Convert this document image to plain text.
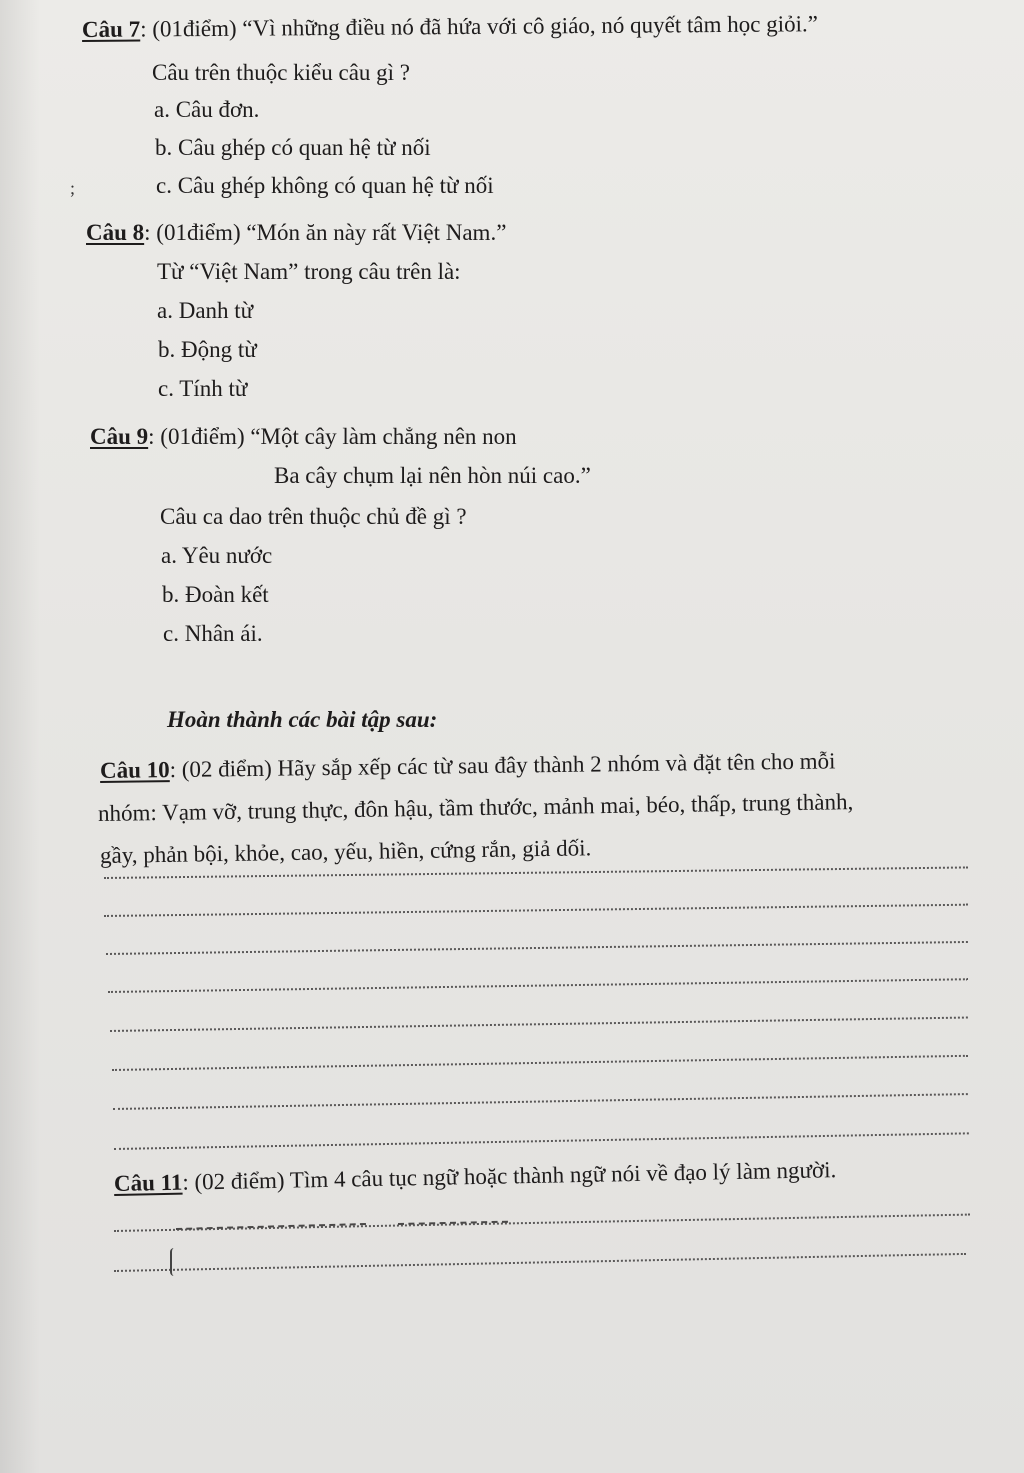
Câu 7: (01điểm) “Vì những điều nó đã hứa với cô giáo, nó quyết tâm học giỏi.”
Câu trên thuộc kiểu câu gì ?
a. Câu đơn.
b. Câu ghép có quan hệ từ nối
c. Câu ghép không có quan hệ từ nối
;
Câu 8: (01điểm) “Món ăn này rất Việt Nam.”
Từ “Việt Nam” trong câu trên là:
a. Danh từ
b. Động từ
c. Tính từ
Câu 9: (01điểm) “Một cây làm chẳng nên non
Ba cây chụm lại nên hòn núi cao.”
Câu ca dao trên thuộc chủ đề gì ?
a. Yêu nước
b. Đoàn kết
c. Nhân ái.
Hoàn thành các bài tập sau:
Câu 10: (02 điểm) Hãy sắp xếp các từ sau đây thành 2 nhóm và đặt tên cho mỗi
nhóm: Vạm vỡ, trung thực, đôn hậu, tầm thước, mảnh mai, béo, thấp, trung thành,
gầy, phản bội, khỏe, cao, yếu, hiền, cứng rắn, giả dối.
Câu 11: (02 điểm) Tìm 4 câu tục ngữ hoặc thành ngữ nói về đạo lý làm người.
